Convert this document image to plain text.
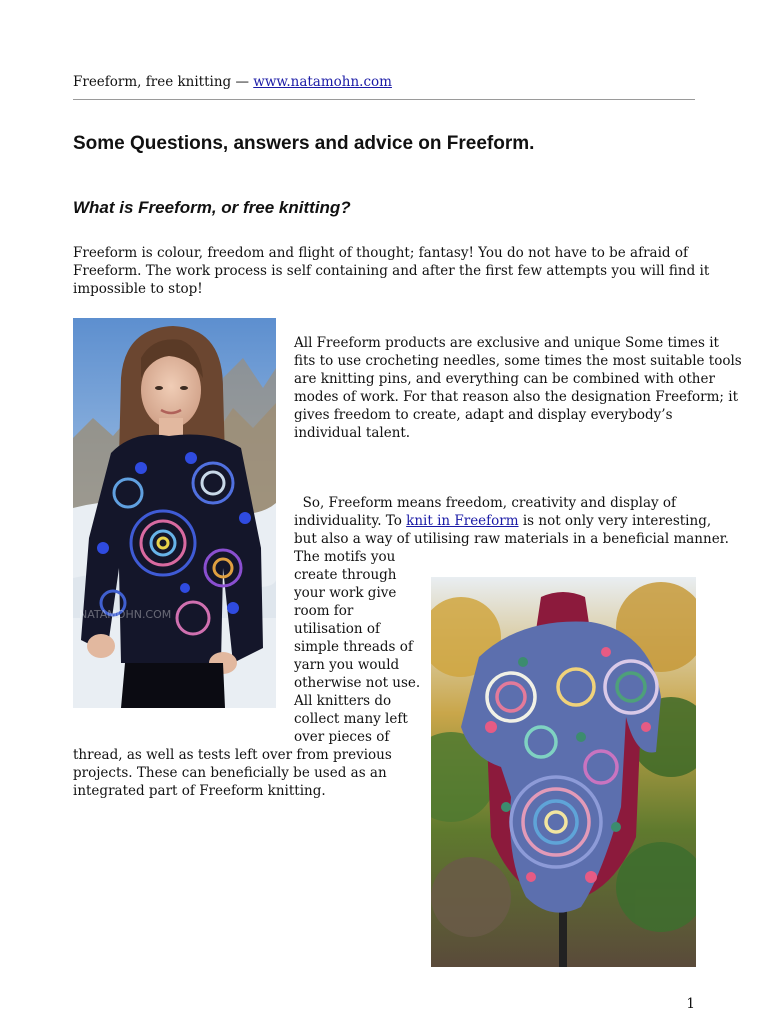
Freeform, free knitting — www.natamohn.com
Some Questions, answers and advice on Freeform.
What is Freeform, or free knitting?
Freeform is colour, freedom and flight of thought; fantasy! You do not have to be afraid of
Freeform. The work process is self containing and after the first few attempts you will find it
impossible to stop!
NATAMOHN.COM
All Freeform products are exclusive and unique Some times it
fits to use crocheting needles, some times the most suitable tools
are knitting pins, and everything can be combined with other
modes of work. For that reason also the designation Freeform; it
gives freedom to create, adapt and display everybody’s
individual talent.
So, Freeform means freedom, creativity and display of
individuality. To knit in Freeform is not only very interesting,
but also a way of utilising raw materials in a beneficial manner.
The motifs you
create through
your work give
room for
utilisation of
simple threads of
yarn you would
otherwise not use.
All knitters do
collect many left
over pieces of
thread, as well as tests left over from previous
projects. These can beneficially be used as an
integrated part of Freeform knitting.
1
